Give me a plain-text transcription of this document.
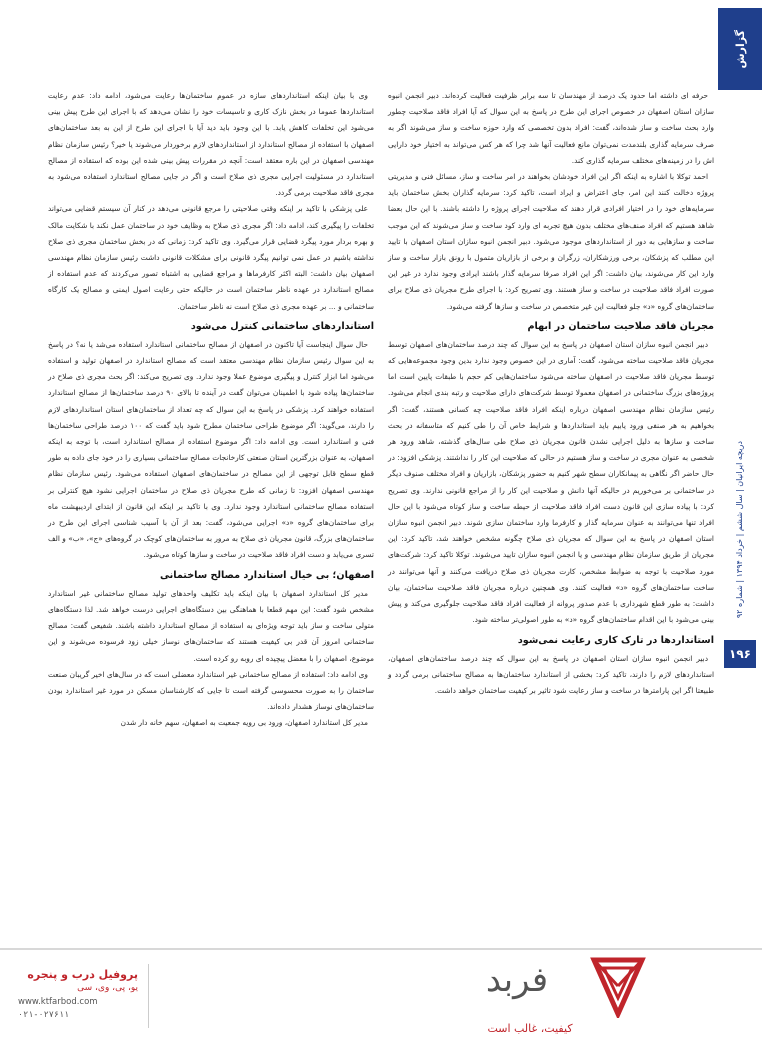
گزارش
دریچه ایرانیان | سال ششم | خرداد ۱۳۹۴ | شماره ۹۲
۱۹۶

حرفه ای داشته اما حدود یک درصد از مهندسان تا سه برابر ظرفیت فعالیت کرده‌اند. دبیر انجمن انبوه سازان استان اصفهان در خصوص اجرای این طرح در پاسخ به این سوال که آیا افراد فاقد صلاحیت چطور وارد بحث ساخت و ساز شده‌اند، گفت: افراد بدون تخصصی که وارد حوزه ساخت و ساز می‌شوند اگر به صرف سرمایه گذاری بلندمدت نمی‌توان مانع فعالیت آنها شد چرا که هر کس می‌تواند به اختیار خود دارایی اش را در زمینه‌های مختلف سرمایه گذاری کند.

احمد توکلا با اشاره به اینکه اگر این افراد خودشان بخواهند در امر ساخت و ساز، مسائل فنی و مدیریتی پروژه دخالت کنند این امر، جای اعتراض و ایراد است، تاکید کرد: سرمایه گذاران بخش ساختمان باید سرمایه‌های خود را در اختیار افرادی قرار دهند که صلاحیت اجرای پروژه را داشته باشند. با این حال بعضا شاهد هستیم که افراد صنف‌های مختلف بدون هیچ تجربه ای وارد کود ساخت و ساز می‌شوند که این موجب ساخت و سازهایی به دور از استانداردهای موجود می‌شود. دبیر انجمن انبوه سازان استان اصفهان با تایید این مطلب که پزشکان، برخی ورزشکاران، زرگران و برخی از بازاریان متمول با رونق بازار ساخت و ساز وارد این کار می‌شوند، بیان داشت: اگر این افراد صرفا سرمایه گذار باشند ایرادی وجود ندارد در غیر این صورت افراد فاقد صلاحیت در ساخت و ساز هستند. وی تصریح کرد: با اجرای طرح مجریان ذی صلاح برای ساختمان‌های گروه «د» جلو فعالیت این غیر متخصص در ساخت و سازها گرفته می‌شود.

مجریان فاقد صلاحیت ساختمان در ابهام

دبیر انجمن انبوه سازان استان اصفهان در پاسخ به این سوال که چند درصد ساختمان‌های اصفهان توسط مجریان فاقد صلاحیت ساخته می‌شود، گفت: آماری در این خصوص وجود ندارد بدین وجود مجموعه‌هایی که توسط مجریان فاقد صلاحیت در اصفهان ساخته می‌شود ساختمان‌هایی کم حجم با طبقات پایین است اما پروژه‌های بزرگ ساختمانی در اصفهان معمولا توسط شرکت‌های دارای صلاحیت و رتبه بندی انجام می‌شود. رئیس سازمان نظام مهندسی اصفهان درباره اینکه افراد فاقد صلاحیت چه کسانی هستند، گفت: اگر بخواهیم به هر صنفی ورود یابیم باید استانداردها و شرایط خاص آن را طی کنیم که متاسفانه در بحث ساخت و سازها به دلیل اجرایی نشدن قانون مجریان ذی صلاح طی سال‌های گذشته، شاهد ورود هر شخصی به عنوان مجری در ساخت و ساز هستیم در حالی که صلاحیت این کار را نداشتند. پزشکی افزود: در حال حاضر اگر نگاهی به پیمانکاران سطح شهر کنیم به حضور پزشکان، بازاریان و افراد مختلف صنوف دیگر در ساختمانی بر می‌خوریم در حالیکه آنها دانش و صلاحیت این کار را از مراجع قانونی ندارند. وی تصریح کرد: با پیاده سازی این قانون دست افراد فاقد صلاحیت از حیطه ساخت و ساز کوتاه می‌شود با این حال افراد تنها می‌توانند به عنوان سرمایه گذار و کارفرما وارد ساختمان سازی شوند. دبیر انجمن انبوه سازان استان اصفهان در پاسخ به این سوال که مجریان ذی صلاح چگونه مشخص خواهند شد، تاکید کرد: این مجریان از طریق سازمان نظام مهندسی و یا انجمن انبوه سازان تایید می‌شوند. توکلا تاکید کرد: شرکت‌های مورد صلاحیت با توجه به ضوابط مشخص، کارت مجریان ذی صلاح دریافت می‌کنند و آنها می‌توانند در ساخت ساختمان‌های گروه «د» فعالیت کنند. وی همچنین درباره مجریان فاقد صلاحیت ساختمان، بیان داشت: به طور قطع شهرداری با عدم صدور پروانه از فعالیت افراد فاقد صلاحیت جلوگیری می‌کند و پیش بینی می‌شود با این اقدام ساختمان‌های گروه «د» به طور اصولی‌تر ساخته شود.

استانداردها در تارک کاری رعایت نمی‌شود

دبیر انجمن انبوه سازان استان اصفهان در پاسخ به این سوال که چند درصد ساختمان‌های اصفهان، استانداردهای لازم را دارند، تاکید کرد: بخشی از استاندارد ساختمان‌ها به مصالح ساختمانی برمی گردد و طبیعتا اگر این پارامترها در ساخت و ساز رعایت شود تاثیر بر کیفیت ساختمان خواهد داشت.

وی با بیان اینکه استانداردهای سازه در عموم ساختمان‌ها رعایت می‌شود، ادامه داد: عدم رعایت استانداردها عموما در بخش نازک کاری و تاسیسات خود را نشان می‌دهد که با اجرای این طرح پیش بینی می‌شود این تخلفات کاهش یابد. با این وجود باید دید آیا با اجرای این طرح از این به بعد ساختمان‌های اصفهان با استفاده از مصالح استاندارد از استانداردهای لازم برخوردار می‌شوند یا خیر؟ رئیس سازمان نظام مهندسی اصفهان در این باره معتقد است: آنچه در مقررات پیش بینی شده این بوده که استفاده از مصالح استاندارد در مسئولیت اجرایی مجری ذی صلاح است و اگر در جایی مصالح استاندارد استفاده می‌شود به مجری فاقد صلاحیت برمی گردد.

علی پزشکی با تاکید بر اینکه وقتی صلاحیتی را مرجع قانونی می‌دهد در کنار آن سیستم قضایی می‌تواند تخلفات را پیگیری کند، ادامه داد: اگر مجری ذی صلاح به وظایف خود در ساختمان عمل نکند با شکایت مالک و بهره بردار مورد پیگرد قضایی قرار می‌گیرد. وی تاکید کرد: زمانی که در بخش ساختمان مجری ذی صلاح نداشته باشیم در عمل نمی توانیم پیگرد قانونی برای مشکلات قانونی داشت رئیس سازمان نظام مهندسی اصفهان بیان داشت: البته اکثر کارفرماها و مراجع قضایی به اشتباه تصور می‌کردند که عدم استفاده از مصالح استاندارد در عهده ناظر ساختمان است در حالیکه حتی رعایت اصول ایمنی و مصالح یک کارگاه ساختمانی و ... بر عهده مجری ذی صلاح است نه ناظر ساختمان.

استانداردهای ساختمانی کنترل می‌شود

حال سوال اینجاست آیا تاکنون در اصفهان از مصالح ساختمانی استاندارد استفاده می‌شد یا نه؟ در پاسخ به این سوال رئیس سازمان نظام مهندسی معتقد است که مصالح استاندارد در اصفهان تولید و استفاده می‌شود اما ابزار کنترل و پیگیری موضوع عملا وجود ندارد. وی تصریح می‌کند: اگر بحث مجری ذی صلاح در ساختمان‌ها پیاده شود با اطمینان می‌توان گفت در آینده تا بالای ۹۰ درصد ساختمان‌ها از مصالح استاندارد استفاده خواهند کرد. پزشکی در پاسخ به این سوال که چه تعداد از ساختمان‌های استان استانداردهای لازم را دارند، می‌گوید: اگر موضوع طراحی ساختمان مطرح شود باید گفت که ۱۰۰ درصد طراحی ساختمان‌ها فنی و استاندارد است. وی ادامه داد: اگر موضوع استفاده از مصالح استاندارد است، با توجه به اینکه اصفهان، به عنوان بزرگترین استان صنعتی کارخانجات مصالح ساختمانی بسیاری را در خود جای داده به طور قطع سطح قابل توجهی از این مصالح در ساختمان‌های اصفهان استفاده می‌شود. رئیس سازمان نظام مهندسی اصفهان افزود: تا زمانی که طرح مجریان ذی صلاح در ساختمان اجرایی نشود هیچ کنترلی بر استفاده مصالح ساختمانی استاندارد وجود ندارد. وی با تاکید بر اینکه این قانون از ابتدای اردیبهشت ماه برای ساختمان‌های گروه «د» اجرایی می‌شود، گفت: بعد از آن با آسیب شناسی اجرای این طرح در ساختمان‌های بزرگ، قانون مجریان ذی صلاح به مرور به ساختمان‌های کوچک در گروه‌های «ج»، «ب» و الف تسری می‌یابد و دست افراد فاقد صلاحیت در ساخت و سازها کوتاه می‌شود.

اصفهان؛ بی خیال استاندارد مصالح ساختمانی

مدیر کل استاندارد اصفهان با بیان اینکه باید تکلیف واحدهای تولید مصالح ساختمانی غیر استاندارد مشخص شود گفت: این مهم قطعا با هماهنگی بین دستگاه‌های اجرایی درست خواهد شد. لذا دستگاه‌های متولی ساخت و ساز باید توجه ویژه‌ای به استفاده از مصالح استاندارد داشته باشند. شفیعی گفت: مصالح ساختمانی امروز آن قدر بی کیفیت هستند که ساختمان‌های نوساز خیلی زود فرسوده می‌شوند و این موضوع، اصفهان را با معضل پیچیده ای روبه رو کرده است.

وی ادامه داد: استفاده از مصالح ساختمانی غیر استاندارد معضلی است که در سال‌های اخیر گریبان صنعت ساختمان را به صورت محسوسی گرفته است تا جایی که کارشناسان مسکن در مورد غیر استاندارد بودن ساختمان‌های نوساز هشدار داده‌اند.

مدیر کل استاندارد اصفهان، ورود بی رویه جمعیت به اصفهان، سهم خانه دار شدن

فربد
کیفیت، غالب است
پروفیل درب و پنجره
یو، پی، وی، سی
www.ktfarbod.com
۰۲۱-۰۲۷۶۱۱
